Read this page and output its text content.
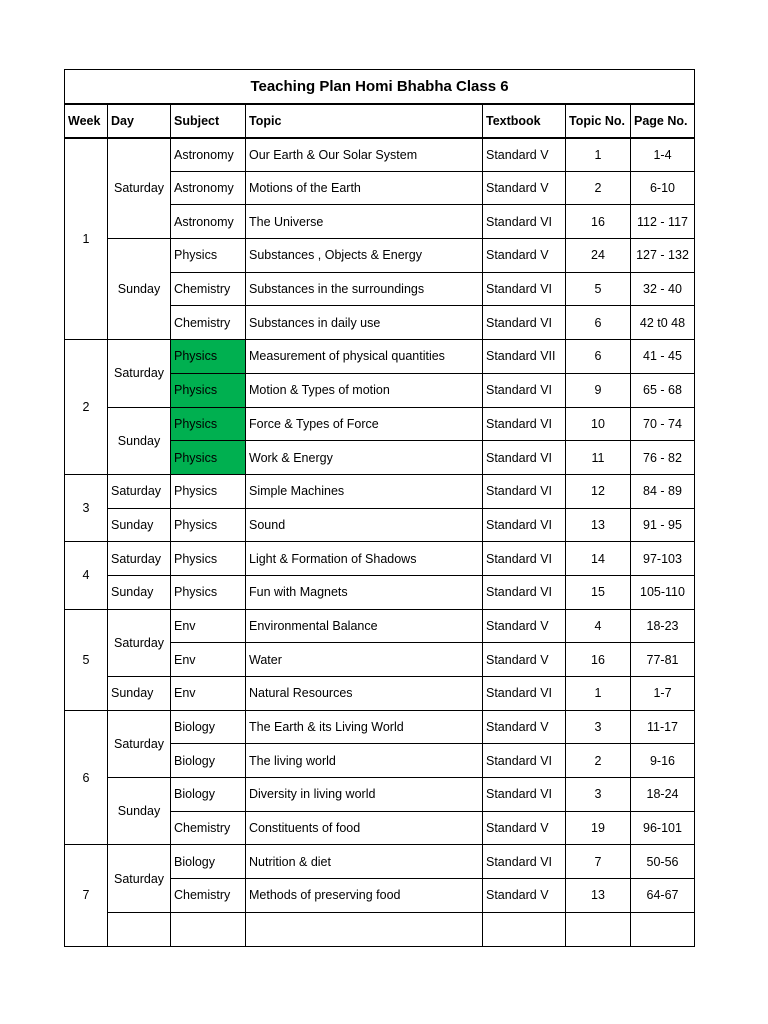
Teaching Plan Homi Bhabha Class 6						
Week	Day	Subject	Topic	Textbook	Topic No.	Page No.
1	Saturday	Astronomy	Our Earth & Our Solar System	Standard V	1	1-4
		Astronomy	Motions of the Earth	Standard V	2	6-10
		Astronomy	The Universe	Standard VI	16	112 - 117
	Sunday	Physics	Substances , Objects & Energy	Standard V	24	127 - 132
		Chemistry	Substances in the surroundings	Standard VI	5	32 - 40
		Chemistry	Substances in daily use	Standard VI	6	42 t0 48
2	Saturday	Physics	Measurement of physical quantities	Standard VII	6	41 - 45
		Physics	Motion & Types of motion	Standard VI	9	65 - 68
	Sunday	Physics	Force & Types of Force	Standard VI	10	70 - 74
		Physics	Work & Energy	Standard VI	11	76 - 82
3	Saturday	Physics	Simple Machines	Standard VI	12	84 - 89
	Sunday	Physics	Sound	Standard VI	13	91 - 95
4	Saturday	Physics	Light & Formation of Shadows	Standard VI	14	97-103
	Sunday	Physics	Fun with Magnets	Standard VI	15	105-110
5	Saturday	Env	Environmental Balance	Standard V	4	18-23
		Env	Water	Standard V	16	77-81
	Sunday	Env	Natural Resources	Standard VI	1	1-7
6	Saturday	Biology	The Earth & its Living World	Standard V	3	11-17
		Biology	The living world	Standard VI	2	9-16
	Sunday	Biology	Diversity in living world	Standard VI	3	18-24
		Chemistry	Constituents of food	Standard V	19	96-101
7	Saturday	Biology	Nutrition & diet	Standard VI	7	50-56
		Chemistry	Methods of preserving food	Standard V	13	64-67
